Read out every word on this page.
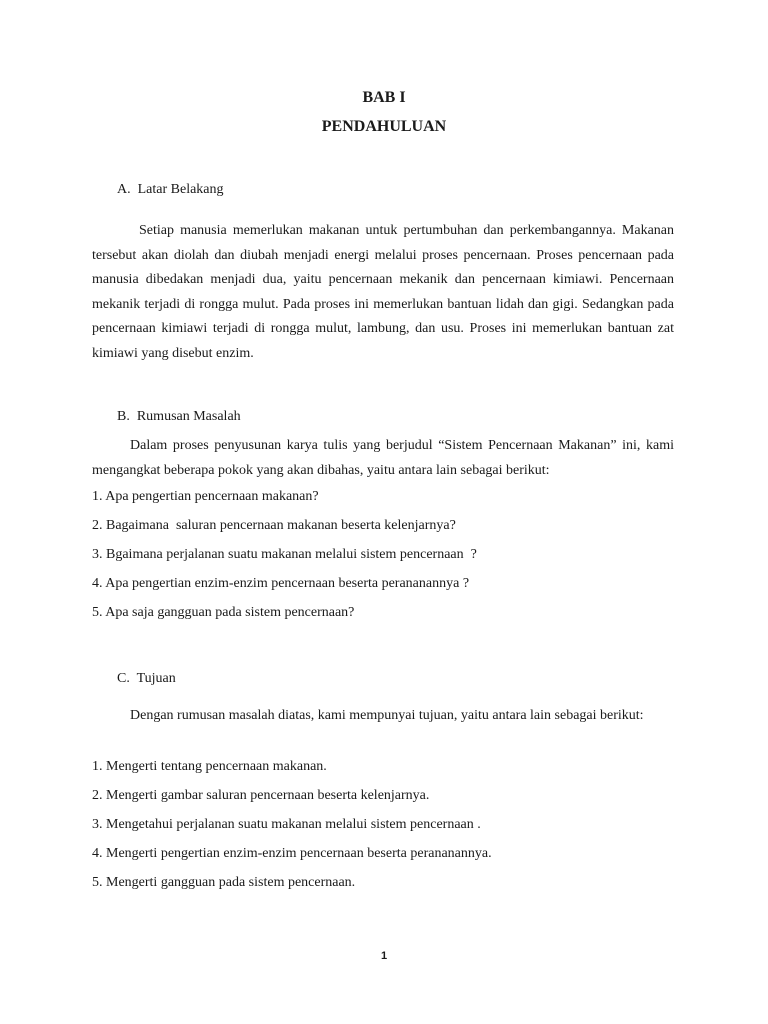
BAB I
PENDAHULUAN
A.  Latar Belakang

Setiap manusia memerlukan makanan untuk pertumbuhan dan perkembangannya. Makanan tersebut akan diolah dan diubah menjadi energi melalui proses pencernaan. Proses pencernaan pada manusia dibedakan menjadi dua, yaitu pencernaan mekanik dan pencernaan kimiawi. Pencernaan mekanik terjadi di rongga mulut. Pada proses ini memerlukan bantuan lidah dan gigi. Sedangkan pada pencernaan kimiawi terjadi di rongga mulut, lambung, dan usu. Proses ini memerlukan bantuan zat kimiawi yang disebut enzim.

B.  Rumusan Masalah

Dalam proses penyusunan karya tulis yang berjudul “Sistem Pencernaan Makanan” ini, kami mengangkat beberapa pokok yang akan dibahas, yaitu antara lain sebagai berikut:

1. Apa pengertian pencernaan makanan?
2. Bagaimana  saluran pencernaan makanan beserta kelenjarnya?
3. Bgaimana perjalanan suatu makanan melalui sistem pencernaan  ?
4. Apa pengertian enzim-enzim pencernaan beserta perananannya ?
5. Apa saja gangguan pada sistem pencernaan?
C.  Tujuan

Dengan rumusan masalah diatas, kami mempunyai tujuan, yaitu antara lain sebagai berikut:

1. Mengerti tentang pencernaan makanan.
2. Mengerti gambar saluran pencernaan beserta kelenjarnya.
3. Mengetahui perjalanan suatu makanan melalui sistem pencernaan .
4. Mengerti pengertian enzim-enzim pencernaan beserta perananannya.
5. Mengerti gangguan pada sistem pencernaan.
1
